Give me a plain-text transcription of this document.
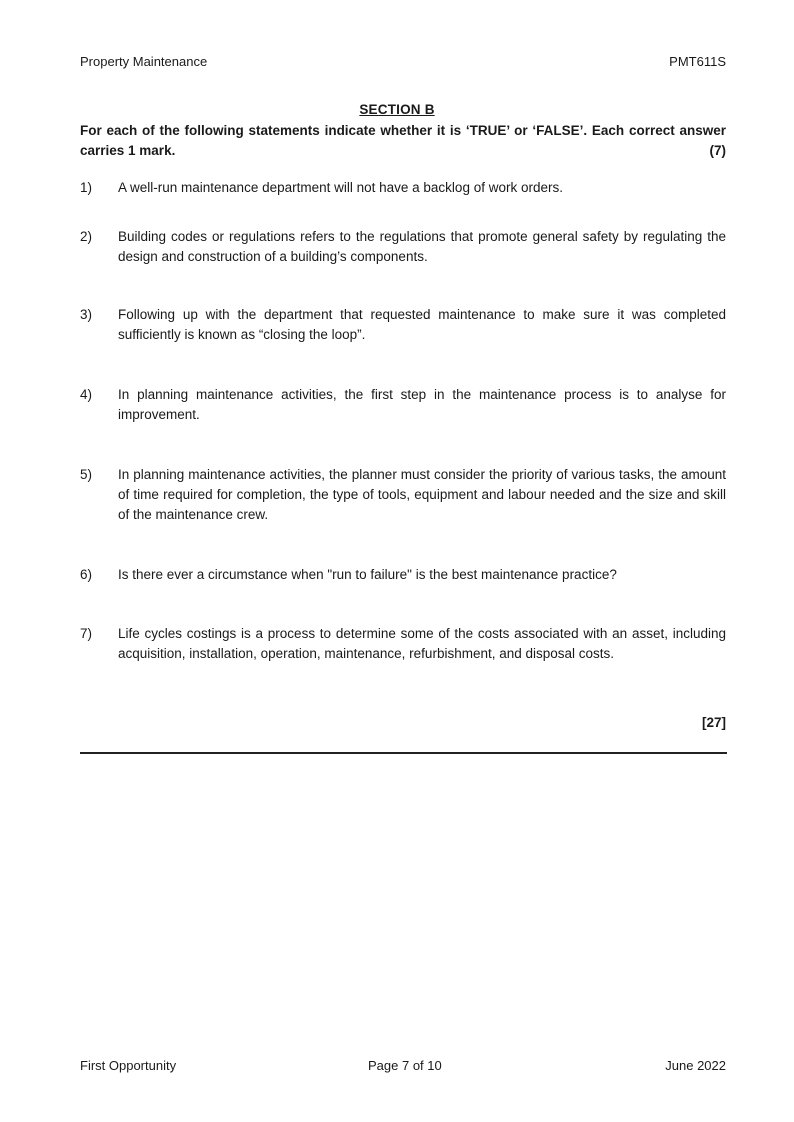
Property Maintenance	PMT611S
SECTION B
For each of the following statements indicate whether it is ‘TRUE’ or ‘FALSE’. Each correct answer carries 1 mark.	(7)
1) A well-run maintenance department will not have a backlog of work orders.
2) Building codes or regulations refers to the regulations that promote general safety by regulating the design and construction of a building’s components.
3) Following up with the department that requested maintenance to make sure it was completed sufficiently is known as “closing the loop”.
4) In planning maintenance activities, the first step in the maintenance process is to analyse for improvement.
5) In planning maintenance activities, the planner must consider the priority of various tasks, the amount of time required for completion, the type of tools, equipment and labour needed and the size and skill of the maintenance crew.
6) Is there ever a circumstance when "run to failure" is the best maintenance practice?
7) Life cycles costings is a process to determine some of the costs associated with an asset, including acquisition, installation, operation, maintenance, refurbishment, and disposal costs.
[27]
First Opportunity	Page 7 of 10	June 2022
